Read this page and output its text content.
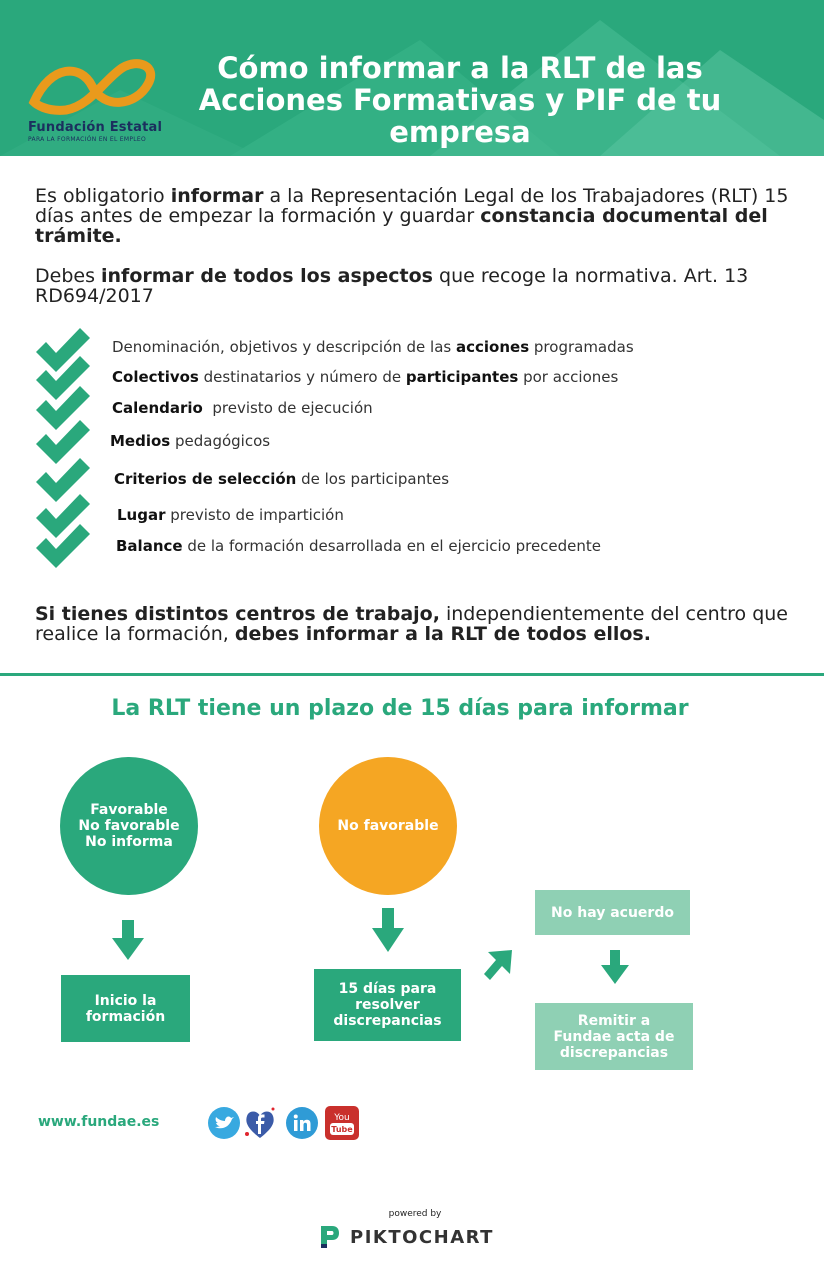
Fundación Estatal
PARA LA FORMACIÓN EN EL EMPLEO
Cómo informar a la RLT de las Acciones Formativas y PIF de tu empresa
Es obligatorio informar a la Representación Legal de los Trabajadores (RLT) 15 días antes de empezar la formación y guardar constancia documental del trámite.
Debes informar de todos los aspectos que recoge la normativa. Art. 13 RD694/2017
Denominación, objetivos y descripción de las acciones programadas
Colectivos destinatarios y número de participantes por acciones
Calendario  previsto de ejecución
Medios pedagógicos
Criterios de selección de los participantes
Lugar previsto de impartición
Balance de la formación desarrollada en el ejercicio precedente
Si tienes distintos centros de trabajo, independientemente del centro que realice la formación, debes informar a la RLT de todos ellos.
La RLT tiene un plazo de 15 días para informar
Favorable
No favorable
No informa
No favorable
Inicio la
formación
15 días para
resolver
discrepancias
No hay acuerdo
Remitir a
Fundae acta de
discrepancias
www.fundae.es	You
Tube
powered by
PIKTOCHART
